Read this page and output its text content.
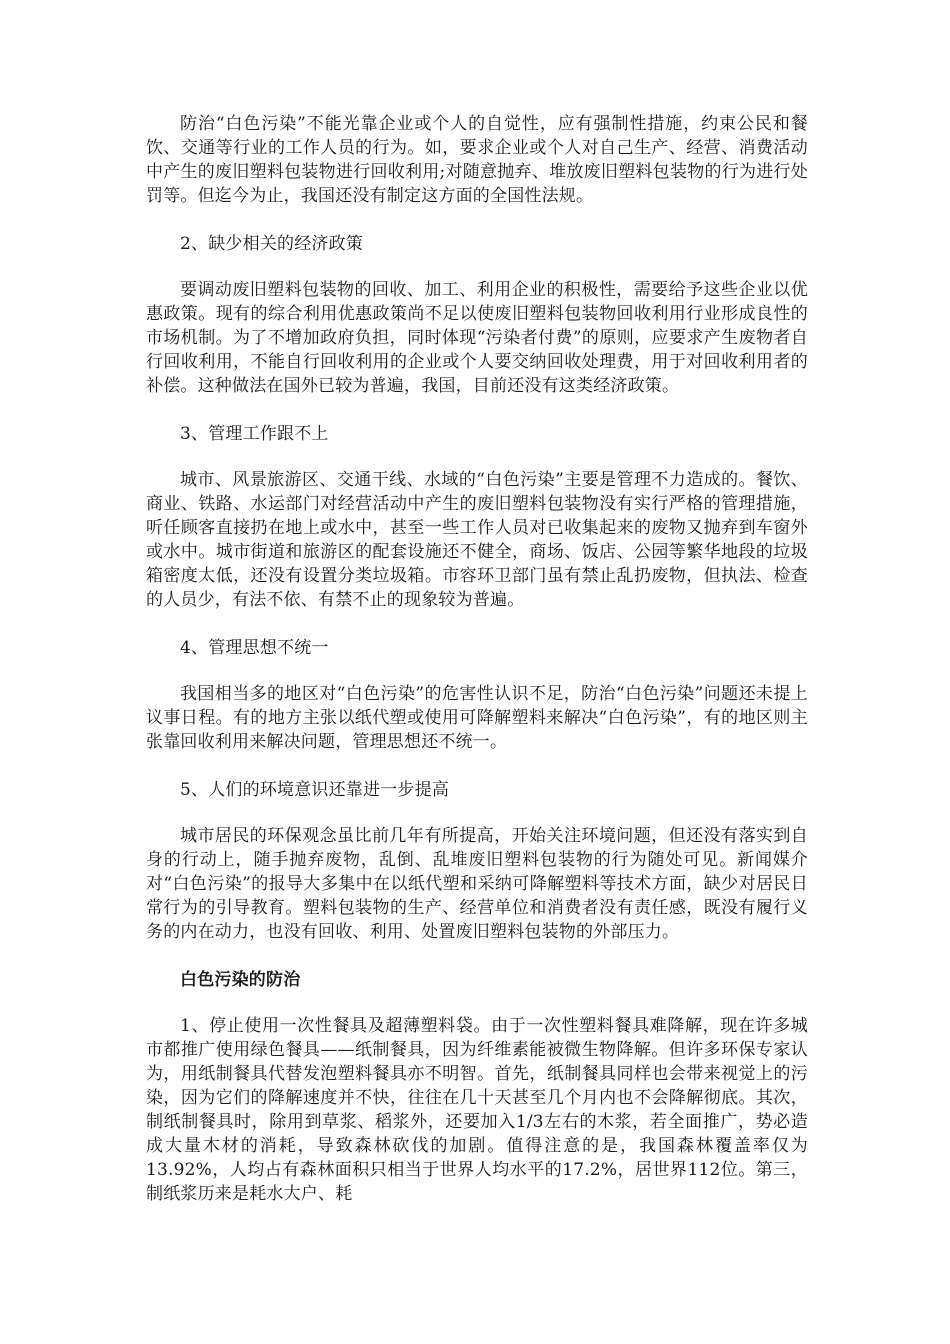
防治“白色污染”不能光靠企业或个人的自觉性，应有强制性措施，约束公民和餐饮、交通等行业的工作人员的行为。如，要求企业或个人对自己生产、经营、消费活动中产生的废旧塑料包装物进行回收利用;对随意抛弃、堆放废旧塑料包装物的行为进行处罚等。但迄今为止，我国还没有制定这方面的全国性法规。

2、缺少相关的经济政策

要调动废旧塑料包装物的回收、加工、利用企业的积极性，需要给予这些企业以优惠政策。现有的综合利用优惠政策尚不足以使废旧塑料包装物回收利用行业形成良性的市场机制。为了不增加政府负担，同时体现“污染者付费”的原则，应要求产生废物者自行回收利用，不能自行回收利用的企业或个人要交纳回收处理费，用于对回收利用者的补偿。这种做法在国外已较为普遍，我国，目前还没有这类经济政策。

3、管理工作跟不上

城市、风景旅游区、交通干线、水域的“白色污染”主要是管理不力造成的。餐饮、商业、铁路、水运部门对经营活动中产生的废旧塑料包装物没有实行严格的管理措施，听任顾客直接扔在地上或水中，甚至一些工作人员对已收集起来的废物又抛弃到车窗外或水中。城市街道和旅游区的配套设施还不健全，商场、饭店、公园等繁华地段的垃圾箱密度太低，还没有设置分类垃圾箱。市容环卫部门虽有禁止乱扔废物，但执法、检查的人员少，有法不依、有禁不止的现象较为普遍。

4、管理思想不统一

我国相当多的地区对“白色污染”的危害性认识不足，防治“白色污染”问题还未提上议事日程。有的地方主张以纸代塑或使用可降解塑料来解决“白色污染”，有的地区则主张靠回收利用来解决问题，管理思想还不统一。

5、人们的环境意识还靠进一步提高

城市居民的环保观念虽比前几年有所提高，开始关注环境问题，但还没有落实到自身的行动上，随手抛弃废物，乱倒、乱堆废旧塑料包装物的行为随处可见。新闻媒介对“白色污染”的报导大多集中在以纸代塑和采纳可降解塑料等技术方面，缺少对居民日常行为的引导教育。塑料包装物的生产、经营单位和消费者没有责任感，既没有履行义务的内在动力，也没有回收、利用、处置废旧塑料包装物的外部压力。

白色污染的防治

1、停止使用一次性餐具及超薄塑料袋。由于一次性塑料餐具难降解，现在许多城市都推广使用绿色餐具——纸制餐具，因为纤维素能被微生物降解。但许多环保专家认为，用纸制餐具代替发泡塑料餐具亦不明智。首先，纸制餐具同样也会带来视觉上的污染，因为它们的降解速度并不快，往往在几十天甚至几个月内也不会降解彻底。其次，制纸制餐具时，除用到草浆、稻浆外，还要加入1/3左右的木浆，若全面推广，势必造成大量木材的消耗，导致森林砍伐的加剧。值得注意的是，我国森林覆盖率仅为13.92%，人均占有森林面积只相当于世界人均水平的17.2%，居世界112位。第三，制纸浆历来是耗水大户、耗
